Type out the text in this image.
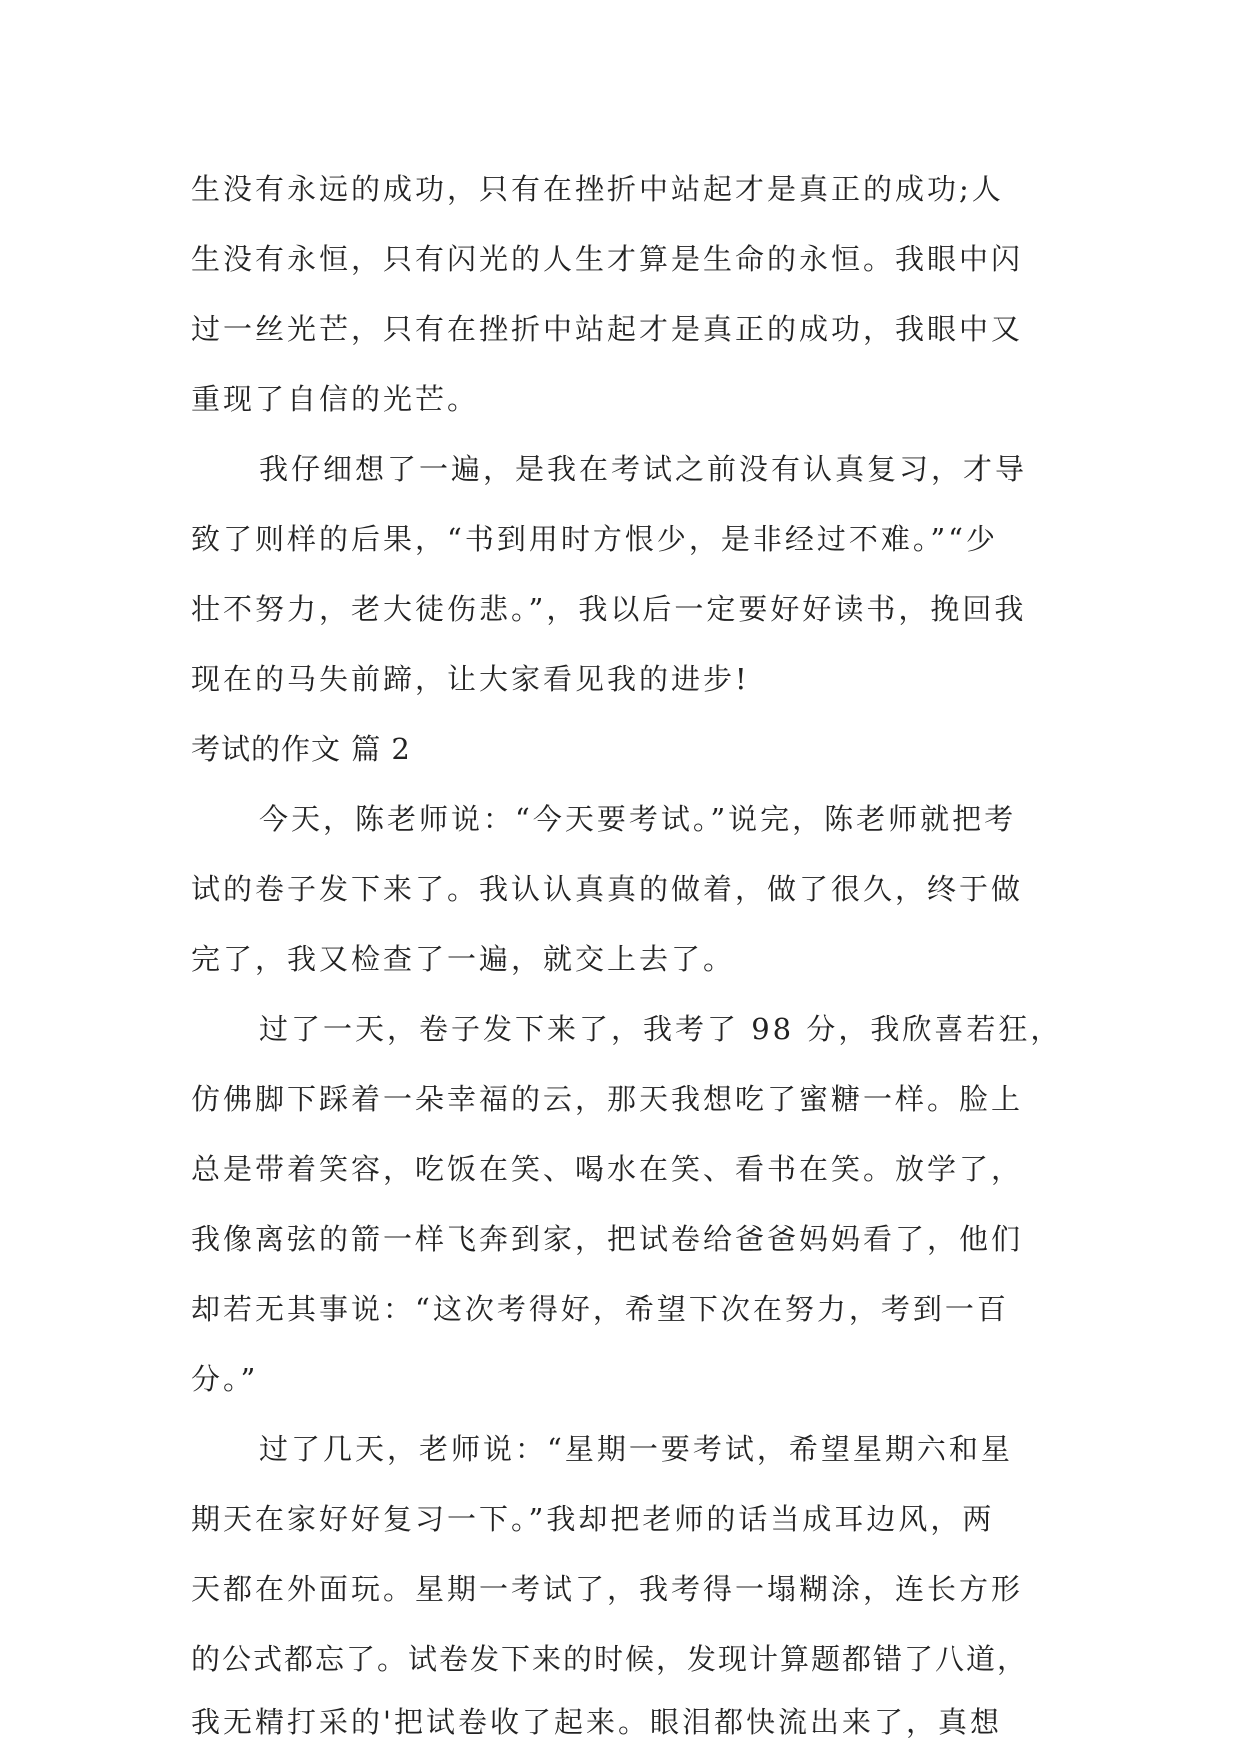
生没有永远的成功，只有在挫折中站起才是真正的成功;人
生没有永恒，只有闪光的人生才算是生命的永恒。我眼中闪
过一丝光芒，只有在挫折中站起才是真正的成功，我眼中又
重现了自信的光芒。
我仔细想了一遍，是我在考试之前没有认真复习，才导
致了则样的后果，“书到用时方恨少，是非经过不难。”“少
壮不努力，老大徒伤悲。”，我以后一定要好好读书，挽回我
现在的马失前蹄，让大家看见我的进步!
考试的作文 篇 2
今天，陈老师说：“今天要考试。”说完，陈老师就把考
试的卷子发下来了。我认认真真的做着，做了很久，终于做
完了，我又检查了一遍，就交上去了。
过了一天，卷子发下来了，我考了 98 分，我欣喜若狂，
仿佛脚下踩着一朵幸福的云，那天我想吃了蜜糖一样。脸上
总是带着笑容，吃饭在笑、喝水在笑、看书在笑。放学了，
我像离弦的箭一样飞奔到家，把试卷给爸爸妈妈看了，他们
却若无其事说：“这次考得好，希望下次在努力，考到一百
分。”
过了几天，老师说：“星期一要考试，希望星期六和星
期天在家好好复习一下。”我却把老师的话当成耳边风，两
天都在外面玩。星期一考试了，我考得一塌糊涂，连长方形
的公式都忘了。试卷发下来的时候，发现计算题都错了八道，
我无精打采的'把试卷收了起来。眼泪都快流出来了，真想
